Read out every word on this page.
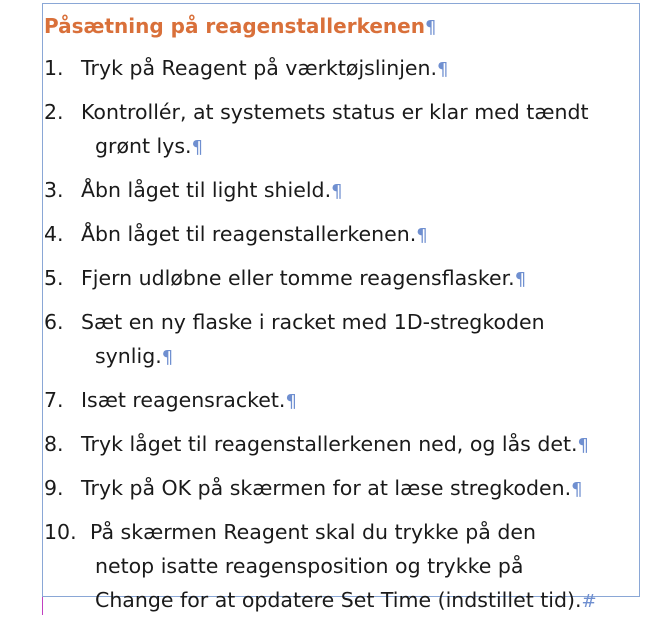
Påsætning på reagenstallerkenen¶
1. Tryk på Reagent på værktøjslinjen.¶
2. Kontrollér, at systemets status er klar med tændt
grønt lys.¶
3. Åbn låget til light shield.¶
4. Åbn låget til reagenstallerkenen.¶
5. Fjern udløbne eller tomme reagensflasker.¶
6. Sæt en ny flaske i racket med 1D-stregkoden
synlig.¶
7. Isæt reagensracket.¶
8. Tryk låget til reagenstallerkenen ned, og lås det.¶
9. Tryk på OK på skærmen for at læse stregkoden.¶
10. På skærmen Reagent skal du trykke på den
netop isatte reagensposition og trykke på
Change for at opdatere Set Time (indstillet tid).#
